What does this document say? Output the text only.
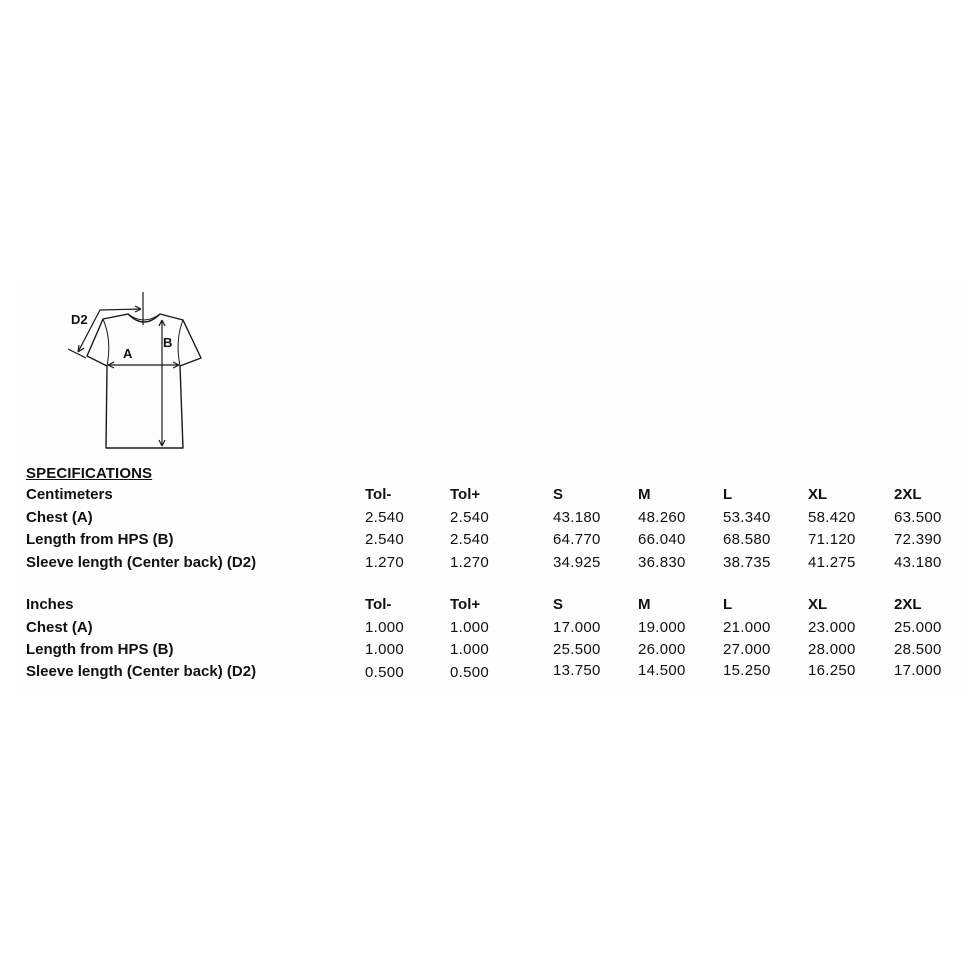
D2
A
B
SPECIFICATIONS
Centimeters	Tol-	Tol+	S	M	L	XL	2XL
Chest (A)	2.540	2.540	43.180 48.260 53.340 58.420	63.500
Length from HPS (B)	2.540	2.540	64.770 66.040 68.580 71.120	72.390
Sleeve length (Center back) (D2)	1.270	1.270	34.925 36.830 38.735 41.275	43.180
Inches	Tol-	Tol+	S	M	L	XL	2XL
Chest (A)	1.000	1.000	17.000 19.000 21.000 23.000	25.000
Length from HPS (B)	1.000	1.000	25.500 26.000 27.000 28.000	28.500
Sleeve length (Center back) (D2)	0.500	0.500	13.750 14.500 15.250 16.250	17.000
